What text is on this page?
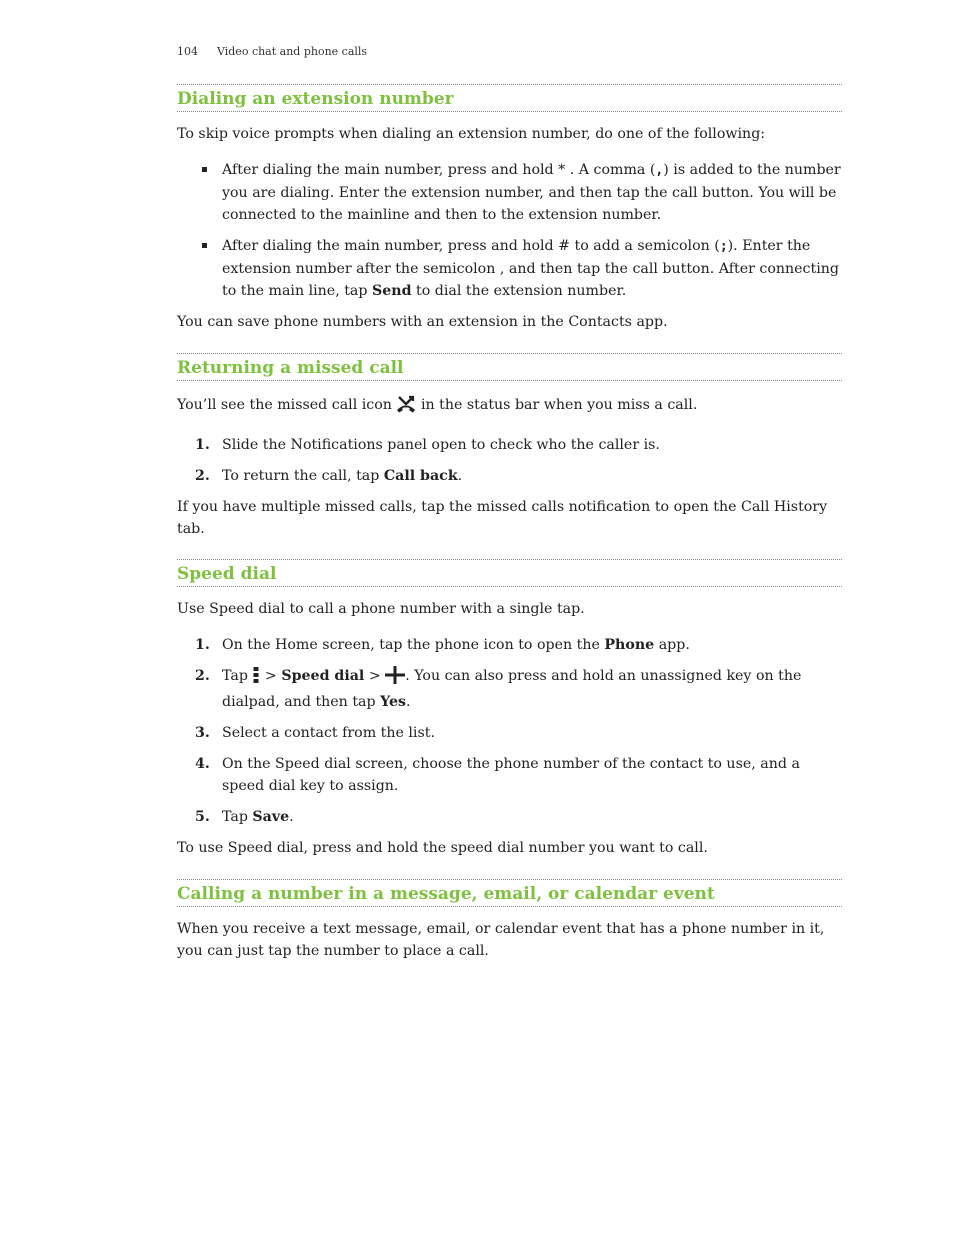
104 Video chat and phone calls
Dialing an extension number

To skip voice prompts when dialing an extension number, do one of the following:

After dialing the main number, press and hold * . A comma (,) is added to the number you are dialing. Enter the extension number, and then tap the call button. You will be connected to the mainline and then to the extension number.
After dialing the main number, press and hold # to add a semicolon (;). Enter the extension number after the semicolon , and then tap the call button. After connecting to the main line, tap Send to dial the extension number.

You can save phone numbers with an extension in the Contacts app.

Returning a missed call

You’ll see the missed call icon  in the status bar when you miss a call.

1. Slide the Notifications panel open to check who the caller is.
2. To return the call, tap Call back.

If you have multiple missed calls, tap the missed calls notification to open the Call History tab.

Speed dial

Use Speed dial to call a phone number with a single tap.

1. On the Home screen, tap the phone icon to open the Phone app.
2. Tap  > Speed dial > . You can also press and hold an unassigned key on the dialpad, and then tap Yes.
3. Select a contact from the list.
4. On the Speed dial screen, choose the phone number of the contact to use, and a speed dial key to assign.
5. Tap Save.

To use Speed dial, press and hold the speed dial number you want to call.

Calling a number in a message, email, or calendar event

When you receive a text message, email, or calendar event that has a phone number in it, you can just tap the number to place a call.
